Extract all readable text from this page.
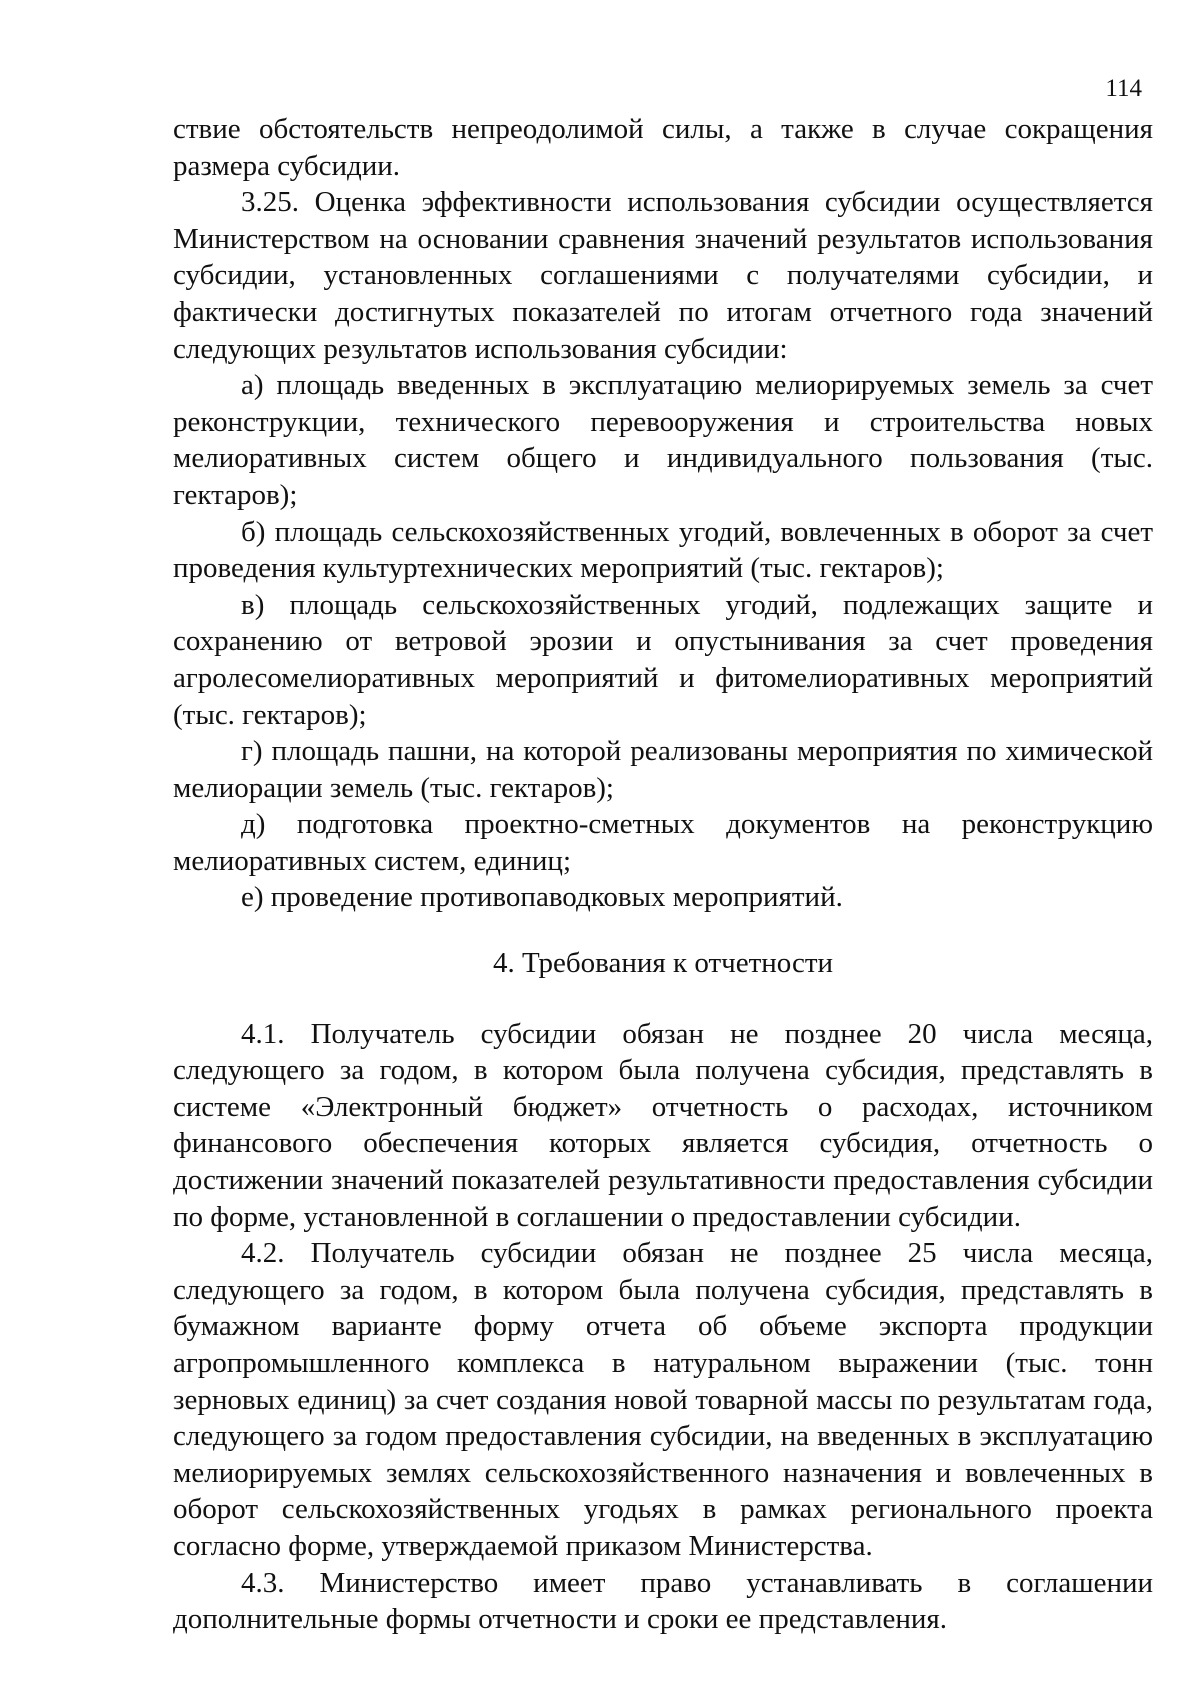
114

ствие обстоятельств непреодолимой силы, а также в случае сокращения размера субсидии.

3.25. Оценка эффективности использования субсидии осуществляется Министерством на основании сравнения значений результатов использования субсидии, установленных соглашениями с получателями субсидии, и фактически достигнутых показателей по итогам отчетного года значений следующих результатов использования субсидии:

а) площадь введенных в эксплуатацию мелиорируемых земель за счет реконструкции, технического перевооружения и строительства новых мелиоративных систем общего и индивидуального пользования (тыс. гектаров);

б) площадь сельскохозяйственных угодий, вовлеченных в оборот за счет проведения культуртехнических мероприятий (тыс. гектаров);

в) площадь сельскохозяйственных угодий, подлежащих защите и сохранению от ветровой эрозии и опустынивания за счет проведения агролесомелиоративных мероприятий и фитомелиоративных мероприятий (тыс. гектаров);

г) площадь пашни, на которой реализованы мероприятия по химической мелиорации земель (тыс. гектаров);

д) подготовка проектно-сметных документов на реконструкцию мелиоративных систем, единиц;

е) проведение противопаводковых мероприятий.

4. Требования к отчетности

4.1. Получатель субсидии обязан не позднее 20 числа месяца, следующего за годом, в котором была получена субсидия, представлять в системе «Электронный бюджет» отчетность о расходах, источником финансового обеспечения которых является субсидия, отчетность о достижении значений показателей результативности предоставления субсидии по форме, установленной в соглашении о предоставлении субсидии.

4.2. Получатель субсидии обязан не позднее 25 числа месяца, следующего за годом, в котором была получена субсидия, представлять в бумажном варианте форму отчета об объеме экспорта продукции агропромышленного комплекса в натуральном выражении (тыс. тонн зерновых единиц) за счет создания новой товарной массы по результатам года, следующего за годом предоставления субсидии, на введенных в эксплуатацию мелиорируемых землях сельскохозяйственного назначения и вовлеченных в оборот сельскохозяйственных угодьях в рамках регионального проекта согласно форме, утверждаемой приказом Министерства.

4.3. Министерство имеет право устанавливать в соглашении дополнительные формы отчетности и сроки ее представления.
